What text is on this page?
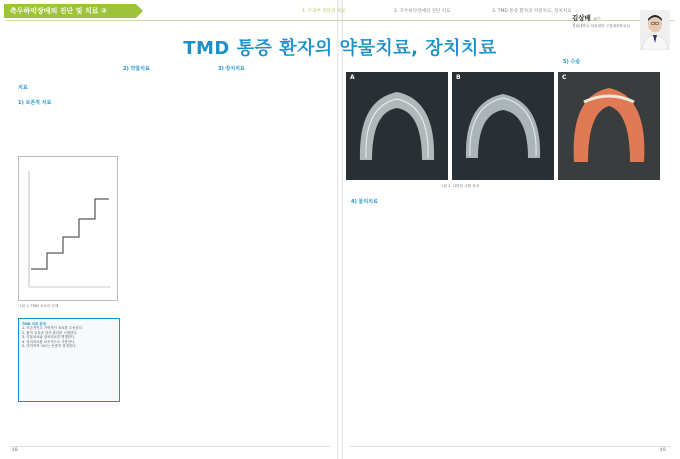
측두하악장애의 진단 및 치료 ③	1. 두경부 진단과 치료	2. 측두하악장애의 진단 치료	3. TMD 통증 환자의 약물치료, 장치치료
TMD 통증 환자의 약물치료, 장치치료
김상배 교수
경희대학교 치과대학 구강내과학교실
치료

1) 보존적 치료
그림 1. TMD 치료의 단계
TMD 치료 원칙
1. 보존적이고 가역적인 치료를 우선한다.
2. 환자 교육과 자가 관리를 시행한다.
3. 약물치료와 장치치료를 병행한다.
4. 물리치료를 보조적으로 사용한다.
5. 비가역적 치료는 신중히 결정한다.
2) 약물치료	3) 장치치료
A	B	C
그림 2. 다양한 교합 장치
4) 물리치료
5) 수술
48	49
